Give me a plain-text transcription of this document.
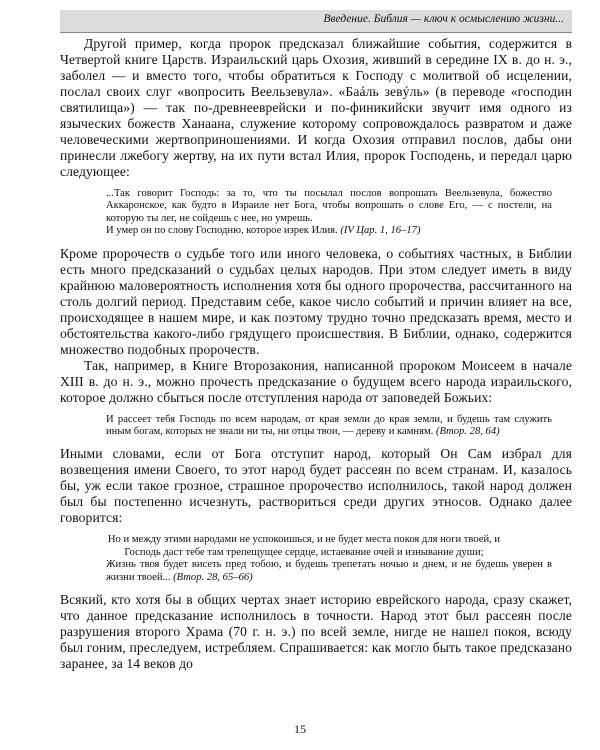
Введение. Библия — ключ к осмыслению жизни...

Другой пример, когда пророк предсказал ближайшие события, содержится в Четвертой книге Царств. Израильский царь Охозия, живший в середине IX в. до н. э., заболел — и вместо того, чтобы обратиться к Господу с молитвой об исцелении, послал своих слуг «вопросить Веельзевула». «Баáль зевýль» (в переводе «господин святилища») — так по-древнееврейски и по-финикийски звучит имя одного из языческих божеств Ханаана, служение которому сопровождалось развратом и даже человеческими жертвоприношениями. И когда Охозия отправил послов, дабы они принесли лжебогу жертву, на их пути встал Илия, пророк Господень, и передал царю следующее:

...Так говорит Господь: за то, что ты посылал послов вопрошать Веельзевула, божество Аккаронское, как будто в Израиле нет Бога, чтобы вопрошать о слове Его, — с постели, на которую ты лег, не сойдешь с нее, но умрешь.

И умер он по слову Господню, которое изрек Илия. (IV Цар. 1, 16–17)

Кроме пророчеств о судьбе того или иного человека, о событиях частных, в Библии есть много предсказаний о судьбах целых народов. При этом следует иметь в виду крайнюю маловероятность исполнения хотя бы одного пророчества, рассчитанного на столь долгий период. Представим себе, какое число событий и причин влияет на все, происходящее в нашем мире, и как поэтому трудно точно предсказать время, место и обстоятельства какого-либо грядущего происшествия. В Библии, однако, содержится множество подобных пророчеств.

Так, например, в Книге Второзакония, написанной пророком Моисеем в начале XIII в. до н. э., можно прочесть предсказание о будущем всего народа израильского, которое должно сбыться после отступления народа от заповедей Божьих:

И рассеет тебя Господь по всем народам, от края земли до края земли, и будешь там служить иным богам, которых не знали ни ты, ни отцы твои, — дереву и камням. (Втор. 28, 64)

Иными словами, если от Бога отступит народ, который Он Сам избрал для возвещения имени Своего, то этот народ будет рассеян по всем странам. И, казалось бы, уж если такое грозное, страшное пророчество исполнилось, такой народ должен был бы постепенно исчезнуть, раствориться среди других этносов. Однако далее говорится:

Но и между этими народами не успокоишься, и не будет места покоя для ноги твоей, и Господь даст тебе там трепещущее сердце, истаевание очей и изнывание души;

Жизнь твоя будет висеть пред тобою, и будешь трепетать ночью и днем, и не будешь уверен в жизни твоей... (Втор. 28, 65–66)

Всякий, кто хотя бы в общих чертах знает историю еврейского народа, сразу скажет, что данное предсказание исполнилось в точности. Народ этот был рассеян после разрушения второго Храма (70 г. н. э.) по всей земле, нигде не нашел покоя, всюду был гоним, преследуем, истребляем. Спрашивается: как могло быть такое предсказано заранее, за 14 веков до

15
